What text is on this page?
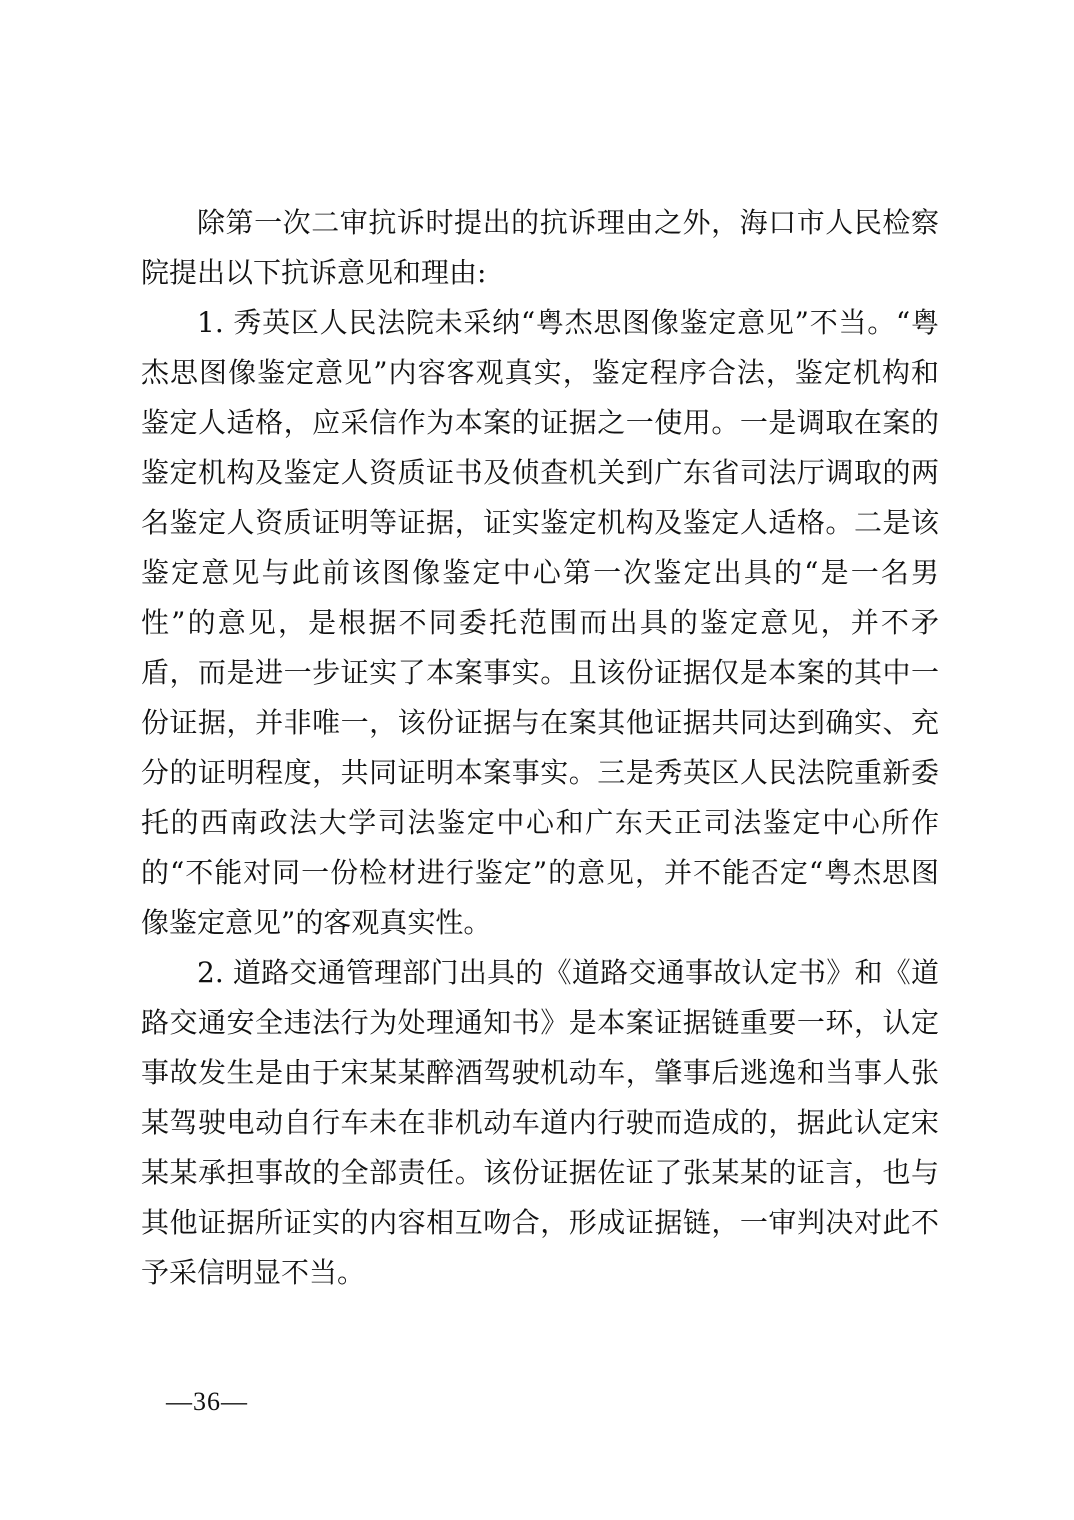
除第一次二审抗诉时提出的抗诉理由之外，海口市人民检察院提出以下抗诉意见和理由:

1. 秀英区人民法院未采纳“粤杰思图像鉴定意见”不当。“粤杰思图像鉴定意见”内容客观真实，鉴定程序合法，鉴定机构和鉴定人适格，应采信作为本案的证据之一使用。一是调取在案的鉴定机构及鉴定人资质证书及侦查机关到广东省司法厅调取的两名鉴定人资质证明等证据，证实鉴定机构及鉴定人适格。二是该鉴定意见与此前该图像鉴定中心第一次鉴定出具的“是一名男性”的意见，是根据不同委托范围而出具的鉴定意见，并不矛盾，而是进一步证实了本案事实。且该份证据仅是本案的其中一份证据，并非唯一，该份证据与在案其他证据共同达到确实、充分的证明程度，共同证明本案事实。三是秀英区人民法院重新委托的西南政法大学司法鉴定中心和广东天正司法鉴定中心所作的“不能对同一份检材进行鉴定”的意见，并不能否定“粤杰思图像鉴定意见”的客观真实性。

2. 道路交通管理部门出具的《道路交通事故认定书》和《道路交通安全违法行为处理通知书》是本案证据链重要一环，认定事故发生是由于宋某某醉酒驾驶机动车，肇事后逃逸和当事人张某驾驶电动自行车未在非机动车道内行驶而造成的，据此认定宋某某承担事故的全部责任。该份证据佐证了张某某的证言，也与其他证据所证实的内容相互吻合，形成证据链，一审判决对此不予采信明显不当。

—36—
